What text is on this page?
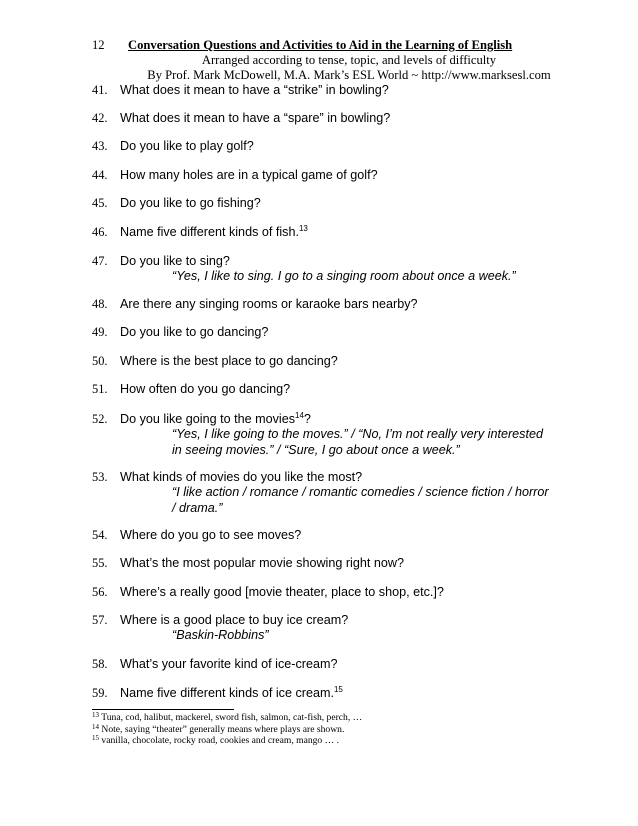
12 Conversation Questions and Activities to Aid in the Learning of English
Arranged according to tense, topic, and levels of difficulty
By Prof. Mark McDowell, M.A. Mark’s ESL World ~ http://www.marksesl.com
41. What does it mean to have a “strike” in bowling?
42. What does it mean to have a “spare” in bowling?
43. Do you like to play golf?
44. How many holes are in a typical game of golf?
45. Do you like to go fishing?
46. Name five different kinds of fish.$^{13}$
47. Do you like to sing?
“Yes, I like to sing. I go to a singing room about once a week.”
48. Are there any singing rooms or karaoke bars nearby?
49. Do you like to go dancing?
50. Where is the best place to go dancing?
51. How often do you go dancing?
52. Do you like going to the movies$^{14}$?
“Yes, I like going to the moves.” / “No, I’m not really very interested
in seeing movies.” / “Sure, I go about once a week.”
53. What kinds of movies do you like the most?
“I like action / romance / romantic comedies / science fiction / horror
/ drama.”
54. Where do you go to see moves?
55. What’s the most popular movie showing right now?
56. Where’s a really good [movie theater, place to shop, etc.]?
57. Where is a good place to buy ice cream?
“Baskin-Robbins”
58. What’s your favorite kind of ice-cream?
59. Name five different kinds of ice cream.$^{15}$
$^{13}$ Tuna, cod, halibut, mackerel, sword fish, salmon, cat-fish, perch, …
$^{14}$ Note, saying “theater” generally means where plays are shown.
$^{15}$ vanilla, chocolate, rocky road, cookies and cream, mango … .
